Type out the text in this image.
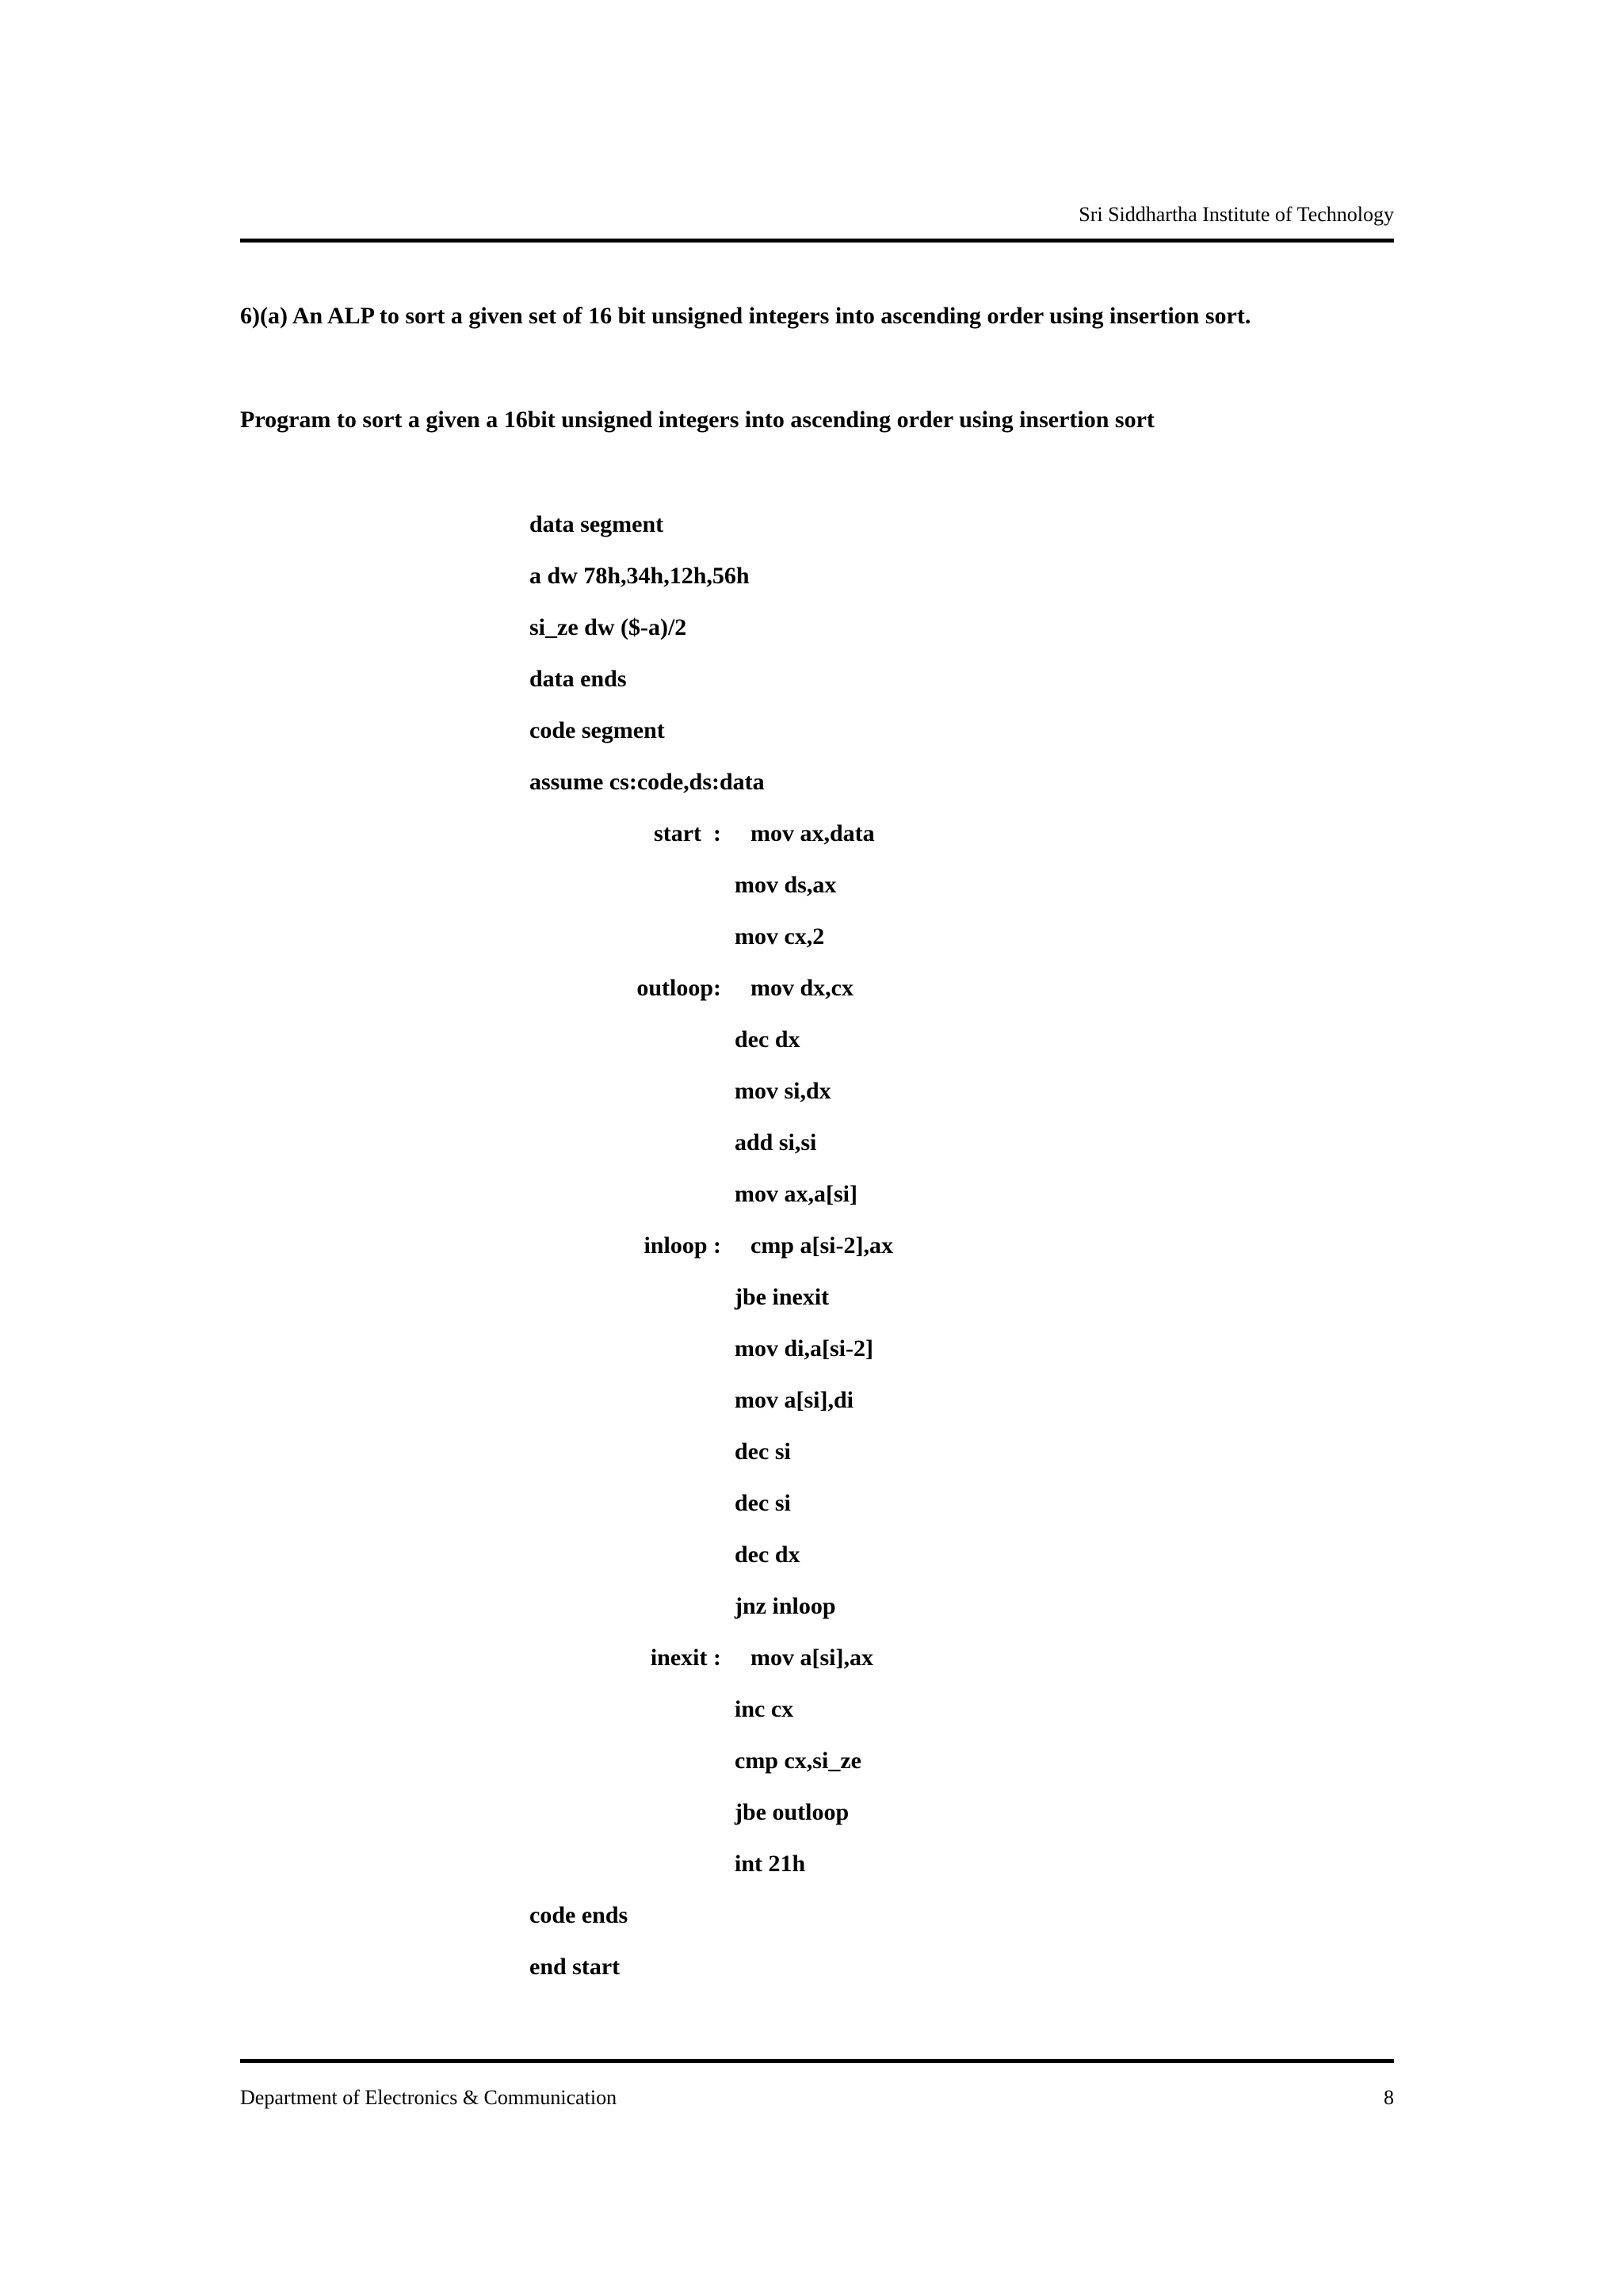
Sri Siddhartha Institute of Technology
6)(a) An ALP to sort a given set of 16 bit unsigned integers into ascending order using insertion sort.
Program to sort a given a 16bit unsigned integers into ascending order using insertion sort
data segment
a dw 78h,34h,12h,56h
si_ze dw ($-a)/2
data ends
code segment
assume cs:code,ds:data
start  : mov ax,data
mov ds,ax
mov cx,2
outloop: mov dx,cx
dec dx
mov si,dx
add si,si
mov ax,a[si]
inloop : cmp a[si-2],ax
jbe inexit
mov di,a[si-2]
mov a[si],di
dec si
dec si
dec dx
jnz inloop
inexit : mov a[si],ax
inc cx
cmp cx,si_ze
jbe outloop
int 21h
code ends
end start
Department of Electronics & Communication	8
